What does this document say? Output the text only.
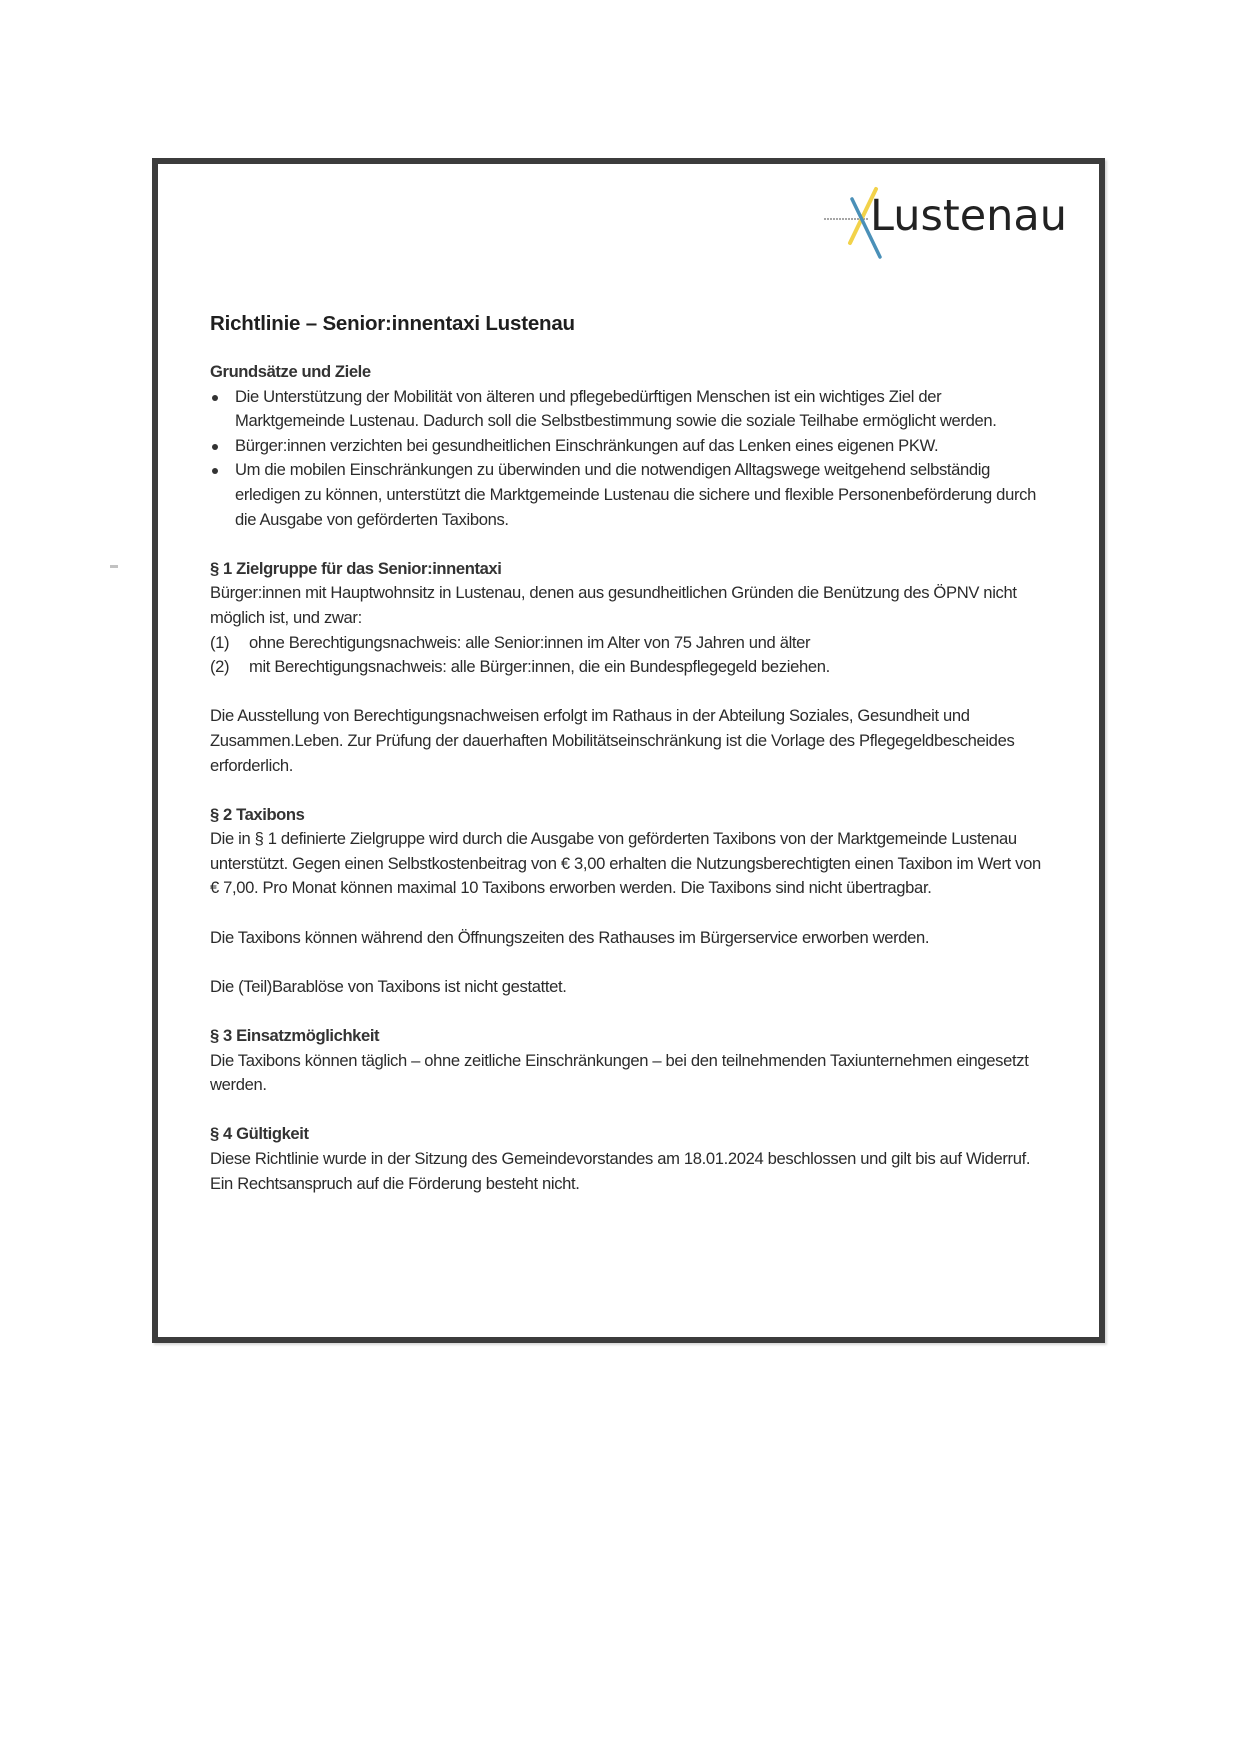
Lustenau

Richtlinie – Senior:innentaxi Lustenau

Grundsätze und Ziele

Die Unterstützung der Mobilität von älteren und pflegebedürftigen Menschen ist ein wichtiges Ziel der Marktgemeinde Lustenau. Dadurch soll die Selbstbestimmung sowie die soziale Teilhabe ermöglicht werden.
Bürger:innen verzichten bei gesundheitlichen Einschränkungen auf das Lenken eines eigenen PKW.
Um die mobilen Einschränkungen zu überwinden und die notwendigen Alltagswege weitgehend selbständig erledigen zu können, unterstützt die Marktgemeinde Lustenau die sichere und flexible Personenbeförderung durch die Ausgabe von geförderten Taxibons.

§ 1 Zielgruppe für das Senior:innentaxi

Bürger:innen mit Hauptwohnsitz in Lustenau, denen aus gesundheitlichen Gründen die Benützung des ÖPNV nicht möglich ist, und zwar:

(1)	ohne Berechtigungsnachweis: alle Senior:innen im Alter von 75 Jahren und älter
(2)	mit Berechtigungsnachweis: alle Bürger:innen, die ein Bundespflegegeld beziehen.

Die Ausstellung von Berechtigungsnachweisen erfolgt im Rathaus in der Abteilung Soziales, Gesundheit und Zusammen.Leben. Zur Prüfung der dauerhaften Mobilitätseinschränkung ist die Vorlage des Pflegegeldbescheides erforderlich.

§ 2 Taxibons

Die in § 1 definierte Zielgruppe wird durch die Ausgabe von geförderten Taxibons von der Marktgemeinde Lustenau unterstützt. Gegen einen Selbstkostenbeitrag von € 3,00 erhalten die Nutzungsberechtigten einen Taxibon im Wert von € 7,00. Pro Monat können maximal 10 Taxibons erworben werden. Die Taxibons sind nicht übertragbar.

Die Taxibons können während den Öffnungszeiten des Rathauses im Bürgerservice erworben werden.

Die (Teil)Barablöse von Taxibons ist nicht gestattet.

§ 3 Einsatzmöglichkeit

Die Taxibons können täglich – ohne zeitliche Einschränkungen – bei den teilnehmenden Taxiunternehmen eingesetzt werden.

§ 4 Gültigkeit

Diese Richtlinie wurde in der Sitzung des Gemeindevorstandes am 18.01.2024 beschlossen und gilt bis auf Widerruf. Ein Rechtsanspruch auf die Förderung besteht nicht.
